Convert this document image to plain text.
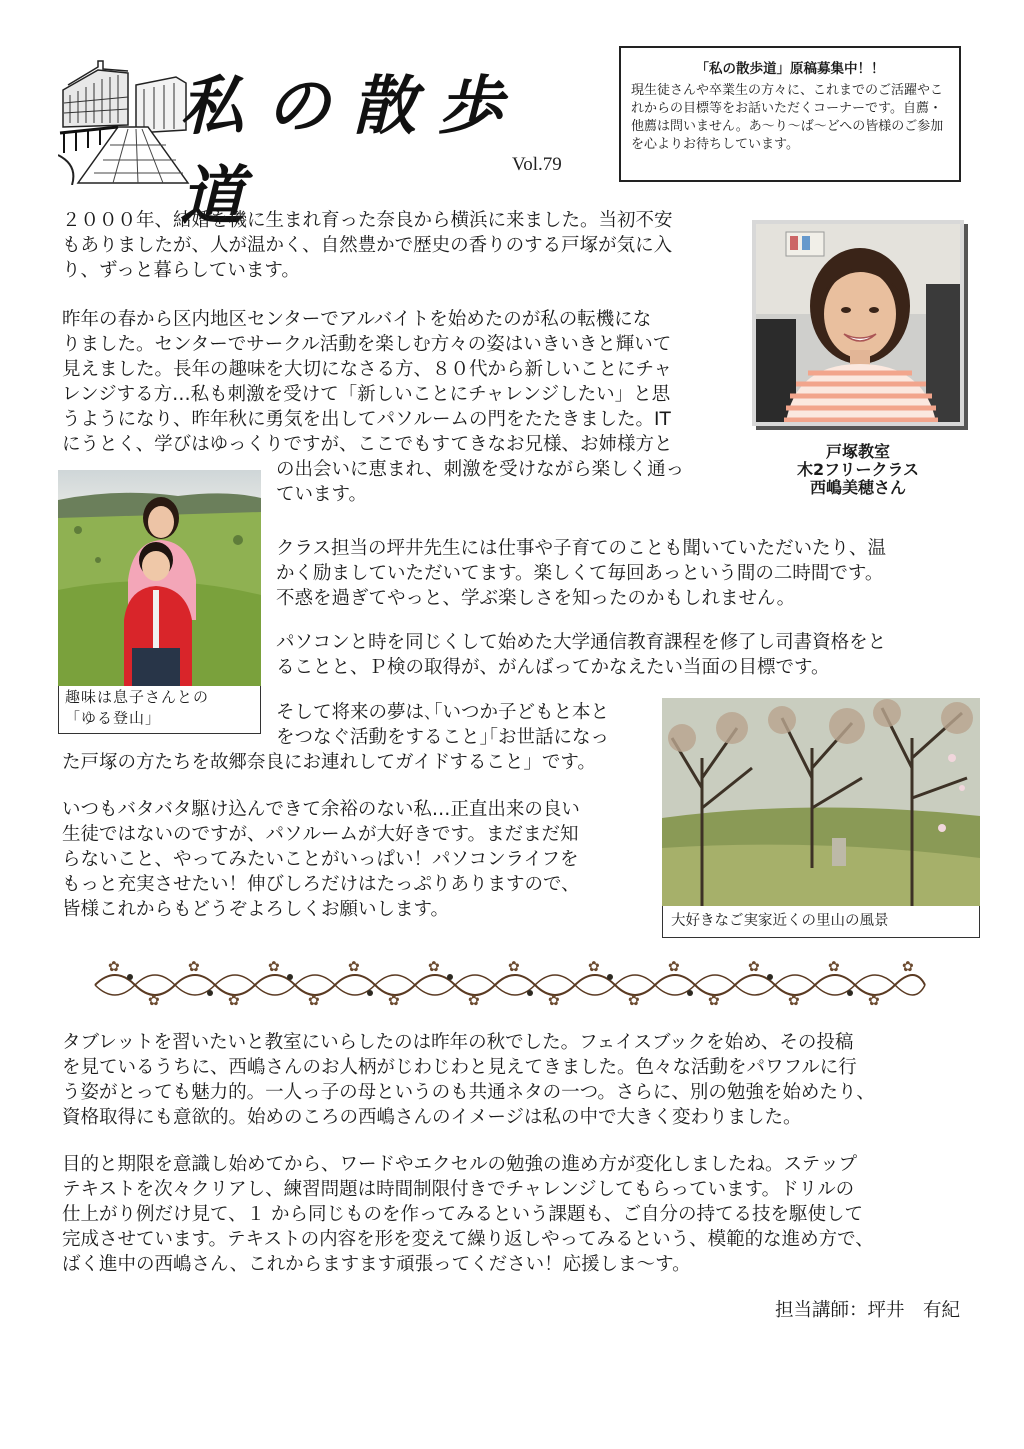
私の散歩道	Vol.79
「私の散歩道」原稿募集中！！
現生徒さんや卒業生の方々に、これまでのご活躍やこれからの目標等をお話いただくコーナーです。自薦・他薦は問いません。あ～り～ば～どへの皆様のご参加を心よりお待ちしています。
戸塚教室
木2フリークラス
西嶋美穂さん

２０００年、結婚を機に生まれ育った奈良から横浜に来ました。当初不安

もありましたが、人が温かく、自然豊かで歴史の香りのする戸塚が気に入

り、ずっと暮らしています。

昨年の春から区内地区センターでアルバイトを始めたのが私の転機にな

りました。センターでサークル活動を楽しむ方々の姿はいきいきと輝いて

見えました。長年の趣味を大切になさる方、８０代から新しいことにチャ

レンジする方…私も刺激を受けて「新しいことにチャレンジしたい」と思

うようになり、昨年秋に勇気を出してパソルームの門をたたきました。IT

にうとく、学びはゆっくりですが、ここでもすてきなお兄様、お姉様方と

の出会いに恵まれ、刺激を受けながら楽しく通っ

ています。

趣味は息子さんとの
「ゆる登山」

クラス担当の坪井先生には仕事や子育てのことも聞いていただいたり、温

かく励ましていただいてます。楽しくて毎回あっという間の二時間です。

不惑を過ぎてやっと、学ぶ楽しさを知ったのかもしれません。

パソコンと時を同じくして始めた大学通信教育課程を修了し司書資格をと

ることと、Ｐ検の取得が、がんばってかなえたい当面の目標です。

そして将来の夢は､｢いつか子どもと本と

をつなぐ活動をすること｣｢お世話になっ

た戸塚の方たちを故郷奈良にお連れしてガイドすること」です。

大好きなご実家近くの里山の風景

いつもバタバタ駆け込んできて余裕のない私…正直出来の良い

生徒ではないのですが、パソルームが大好きです。まだまだ知

らないこと、やってみたいことがいっぱい！パソコンライフを

もっと充実させたい！伸びしろだけはたっぷりありますので、

皆様これからもどうぞよろしくお願いします。

✿
✿
✿
✿
✿
✿
✿
✿
✿
✿
✿
✿
✿
✿
✿
✿
✿
✿
✿
✿
✿

タブレットを習いたいと教室にいらしたのは昨年の秋でした。フェイスブックを始め、その投稿

を見ているうちに、西嶋さんのお人柄がじわじわと見えてきました。色々な活動をパワフルに行

う姿がとっても魅力的。一人っ子の母というのも共通ネタの一つ。さらに、別の勉強を始めたり、

資格取得にも意欲的。始めのころの西嶋さんのイメージは私の中で大きく変わりました。

目的と期限を意識し始めてから、ワードやエクセルの勉強の進め方が変化しましたね。ステップ

テキストを次々クリアし、練習問題は時間制限付きでチャレンジしてもらっています。ドリルの

仕上がり例だけ見て、１ から同じものを作ってみるという課題も、ご自分の持てる技を駆使して

完成させています。テキストの内容を形を変えて繰り返しやってみるという、模範的な進め方で、

ばく進中の西嶋さん、これからますます頑張ってください！応援しま～す。

担当講師：坪井　有紀
